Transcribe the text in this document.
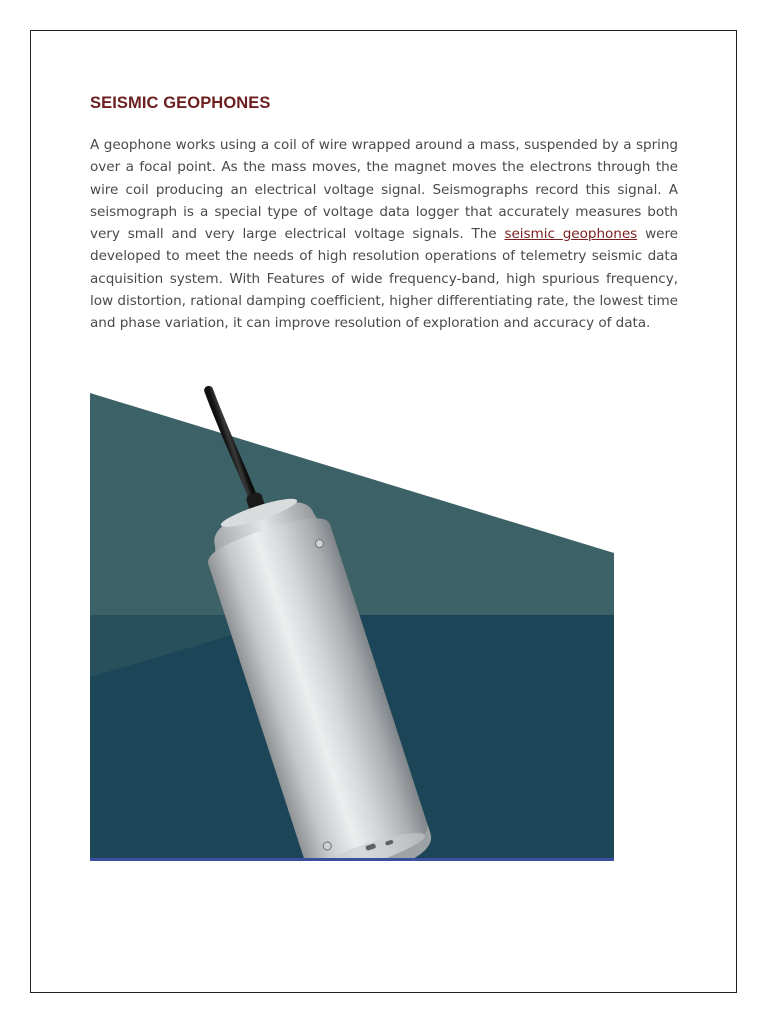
SEISMIC GEOPHONES

A geophone works using a coil of wire wrapped around a mass, suspended by a spring over a focal point. As the mass moves, the magnet moves the electrons through the wire coil producing an electrical voltage signal. Seismographs record this signal. A seismograph is a special type of voltage data logger that accurately measures both very small and very large electrical voltage signals. The seismic geophones were developed to meet the needs of high resolution operations of telemetry seismic data acquisition system. With Features of wide frequency-band, high spurious frequency, low distortion, rational damping coefficient, higher differentiating rate, the lowest time and phase variation, it can improve resolution of exploration and accuracy of data.
